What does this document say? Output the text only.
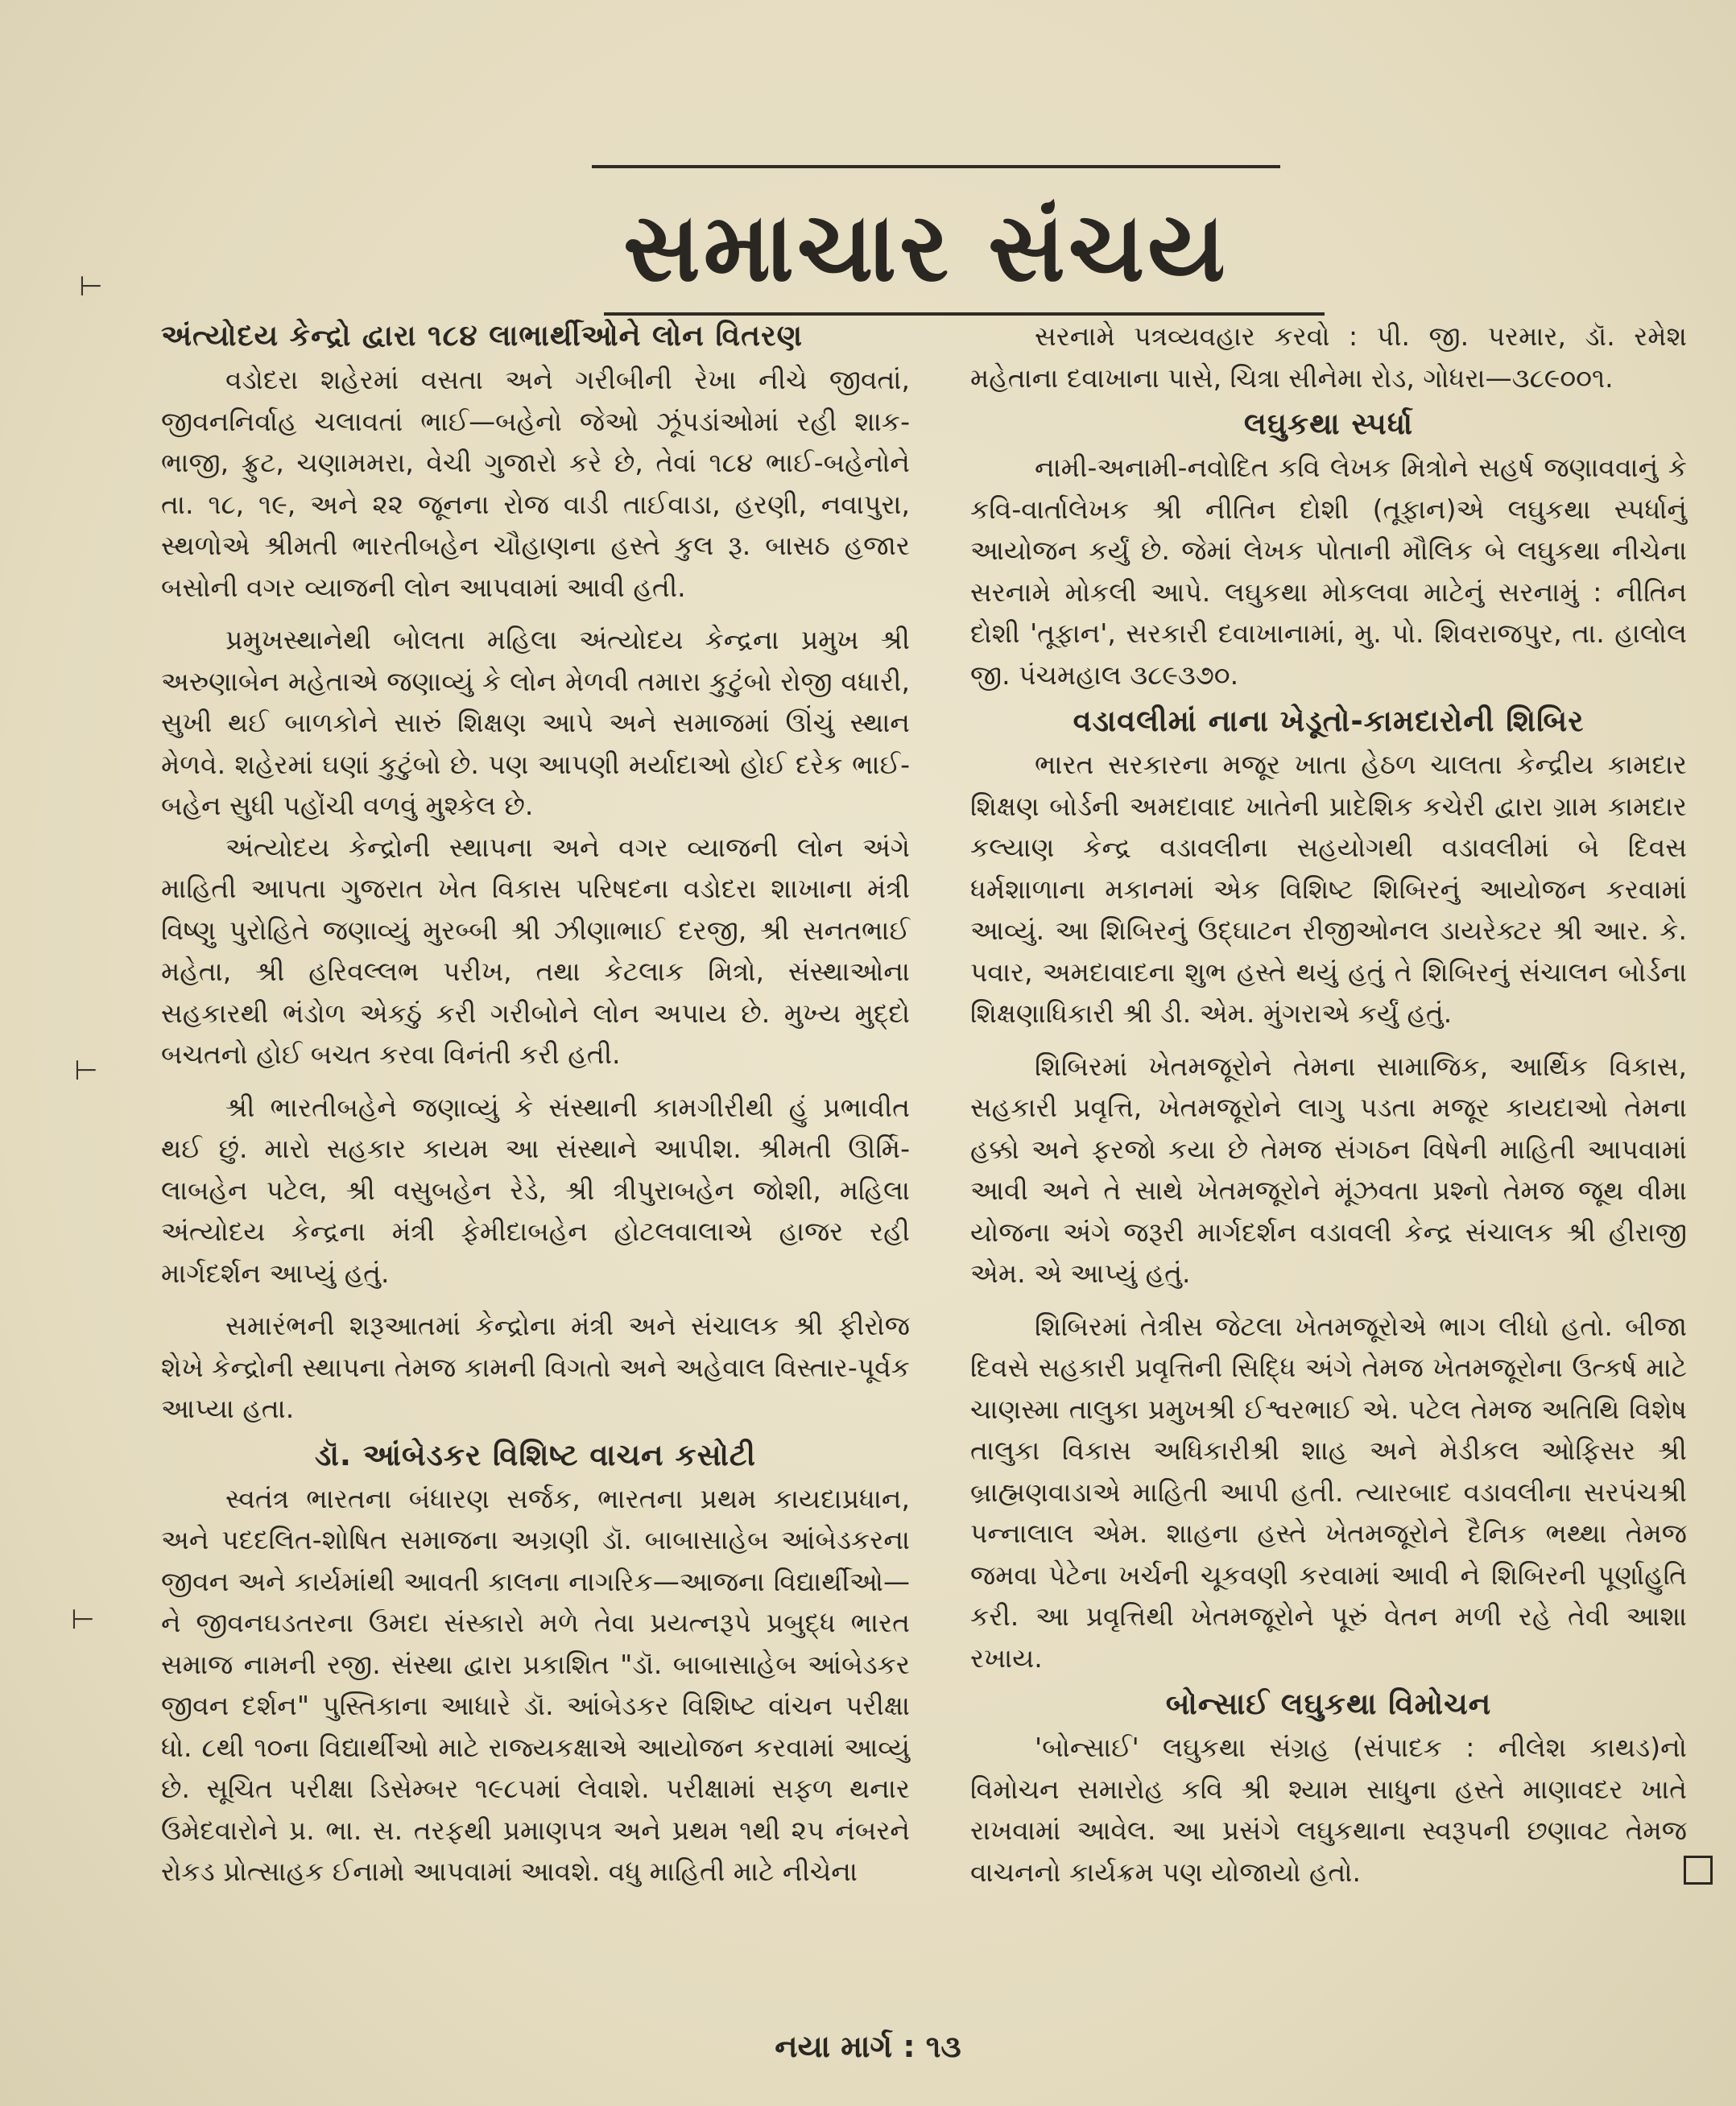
સમાચાર સંચય
⊢
⊢
⊢
અંત્યોદય કેન્દ્રો દ્વારા ૧૮૪ લાભાર્થીઓને લોન વિતરણ

વડોદરા શહેરમાં વસતા અને ગરીબીની રેખા નીચે જીવતાં, જીવનનિર્વાહ ચલાવતાં ભાઈ—બહેનો જેઓ ઝૂંપડાંઓમાં રહી શાક-ભાજી, ફ્રુટ, ચણામમરા, વેચી ગુજારો કરે છે, તેવાં ૧૮૪ ભાઈ-બહેનોને તા. ૧૮, ૧૯, અને ૨૨ જૂનના રોજ વાડી તાઈવાડા, હરણી, નવાપુરા, સ્થળોએ શ્રીમતી ભારતીબહેન ચૌહાણના હસ્તે કુલ રૂ. બાસઠ હજાર બસોની વગર વ્યાજની લોન આપવામાં આવી હતી.

પ્રમુખસ્થાનેથી બોલતા મહિલા અંત્યોદય કેન્દ્રના પ્રમુખ શ્રી અરુણાબેન મહેતાએ જણાવ્યું કે લોન મેળવી તમારા કુટુંબો રોજી વધારી, સુખી થઈ બાળકોને સારું શિક્ષણ આપે અને સમાજમાં ઊંચું સ્થાન મેળવે. શહેરમાં ઘણાં કુટુંબો છે. પણ આપણી મર્યાદાઓ હોઈ દરેક ભાઈ-બહેન સુધી પહોંચી વળવું મુશ્કેલ છે.

અંત્યોદય કેન્દ્રોની સ્થાપના અને વગર વ્યાજની લોન અંગે માહિતી આપતા ગુજરાત ખેત વિકાસ પરિષદના વડોદરા શાખાના મંત્રી વિષ્ણુ પુરોહિતે જણાવ્યું મુરબ્બી શ્રી ઝીણાભાઈ દરજી, શ્રી સનતભાઈ મહેતા, શ્રી હરિવલ્લભ પરીખ, તથા કેટલાક મિત્રો, સંસ્થાઓના સહકારથી ભંડોળ એકઠું કરી ગરીબોને લોન અપાય છે. મુખ્ય મુદ્દો બચતનો હોઈ બચત કરવા વિનંતી કરી હતી.

શ્રી ભારતીબહેને જણાવ્યું કે સંસ્થાની કામગીરીથી હું પ્રભાવીત થઈ છું. મારો સહકાર કાયમ આ સંસ્થાને આપીશ. શ્રીમતી ઊર્મિ-લાબહેન પટેલ, શ્રી વસુબહેન રેડે, શ્રી ત્રીપુરાબહેન જોશી, મહિલા અંત્યોદય કેન્દ્રના મંત્રી ફેમીદાબહેન હોટલવાલાએ હાજર રહી માર્ગદર્શન આપ્યું હતું.

સમારંભની શરૂઆતમાં કેન્દ્રોના મંત્રી અને સંચાલક શ્રી ફીરોજ શેખે કેન્દ્રોની સ્થાપના તેમજ કામની વિગતો અને અહેવાલ વિસ્તાર-પૂર્વક આપ્યા હતા.

ડૉ. આંબેડકર વિશિષ્ટ વાચન કસોટી

સ્વતંત્ર ભારતના બંધારણ સર્જક, ભારતના પ્રથમ કાયદાપ્રધાન, અને પદદલિત-શોષિત સમાજના અગ્રણી ડૉ. બાબાસાહેબ આંબેડકરના જીવન અને કાર્યમાંથી આવતી કાલના નાગરિક—આજના વિદ્યાર્થીઓ—ને જીવનઘડતરના ઉમદા સંસ્કારો મળે તેવા પ્રયત્નરૂપે પ્રબુદ્ધ ભારત સમાજ નામની રજી. સંસ્થા દ્વારા પ્રકાશિત "ડૉ. બાબાસાહેબ આંબેડકર જીવન દર્શન" પુસ્તિકાના આધારે ડૉ. આંબેડકર વિશિષ્ટ વાંચન પરીક્ષા ધો. ૮થી ૧૦ના વિદ્યાર્થીઓ માટે રાજ્યકક્ષાએ આયોજન કરવામાં આવ્યું છે. સૂચિત પરીક્ષા ડિસેમ્બર ૧૯૮૫માં લેવાશે. પરીક્ષામાં સફળ થનાર ઉમેદવારોને પ્ર. ભા. સ. તરફથી પ્રમાણપત્ર અને પ્રથમ ૧થી ૨૫ નંબરને રોકડ પ્રોત્સાહક ઈનામો આપવામાં આવશે. વધુ માહિતી માટે નીચેના

સરનામે પત્રવ્યવહાર કરવો : પી. જી. પરમાર, ડૉ. રમેશ મહેતાના દવાખાના પાસે, ચિત્રા સીનેમા રોડ, ગોધરા—૩૮૯૦૦૧.

લઘુકથા સ્પર્ધા

નામી-અનામી-નવોદિત કવિ લેખક મિત્રોને સહર્ષ જણાવવાનું કે કવિ-વાર્તાલેખક શ્રી નીતિન દોશી (તૂફાન)એ લઘુકથા સ્પર્ધાનું આયોજન કર્યું છે. જેમાં લેખક પોતાની મૌલિક બે લઘુકથા નીચેના સરનામે મોકલી આપે. લઘુકથા મોકલવા માટેનું સરનામું : નીતિન દોશી 'તૂફાન', સરકારી દવાખાનામાં, મુ. પો. શિવરાજપુર, તા. હાલોલ જી. પંચમહાલ ૩૮૯૩૭૦.

વડાવલીમાં નાના ખેડૂતો-કામદારોની શિબિર

ભારત સરકારના મજૂર ખાતા હેઠળ ચાલતા કેન્દ્રીય કામદાર શિક્ષણ બોર્ડની અમદાવાદ ખાતેની પ્રાદેશિક કચેરી દ્વારા ગ્રામ કામદાર કલ્યાણ કેન્દ્ર વડાવલીના સહયોગથી વડાવલીમાં બે દિવસ ધર્મશાળાના મકાનમાં એક વિશિષ્ટ શિબિરનું આયોજન કરવામાં આવ્યું. આ શિબિરનું ઉદ્ઘાટન રીજીઓનલ ડાયરેક્ટર શ્રી આર. કે. પવાર, અમદાવાદના શુભ હસ્તે થયું હતું તે શિબિરનું સંચાલન બોર્ડના શિક્ષણાધિકારી શ્રી ડી. એમ. મુંગરાએ કર્યું હતું.

શિબિરમાં ખેતમજૂરોને તેમના સામાજિક, આર્થિક વિકાસ, સહકારી પ્રવૃત્તિ, ખેતમજૂરોને લાગુ પડતા મજૂર કાયદાઓ તેમના હક્કો અને ફરજો કયા છે તેમજ સંગઠન વિષેની માહિતી આપવામાં આવી અને તે સાથે ખેતમજૂરોને મૂંઝવતા પ્રશ્નો તેમજ જૂથ વીમા યોજના અંગે જરૂરી માર્ગદર્શન વડાવલી કેન્દ્ર સંચાલક શ્રી હીરાજી એમ. એ આપ્યું હતું.

શિબિરમાં તેત્રીસ જેટલા ખેતમજૂરોએ ભાગ લીધો હતો. બીજા દિવસે સહકારી પ્રવૃત્તિની સિદ્ધિ અંગે તેમજ ખેતમજૂરોના ઉત્કર્ષ માટે ચાણસ્મા તાલુકા પ્રમુખશ્રી ઈશ્વરભાઈ એ. પટેલ તેમજ અતિથિ વિશેષ તાલુકા વિકાસ અધિકારીશ્રી શાહ અને મેડીકલ ઓફિસર શ્રી બ્રાહ્મણવાડાએ માહિતી આપી હતી. ત્યારબાદ વડાવલીના સરપંચશ્રી પન્નાલાલ એમ. શાહના હસ્તે ખેતમજૂરોને દૈનિક ભથ્થા તેમજ જમવા પેટેના ખર્ચની ચૂકવણી કરવામાં આવી ને શિબિરની પૂર્ણાહુતિ કરી. આ પ્રવૃત્તિથી ખેતમજૂરોને પૂરું વેતન મળી રહે તેવી આશા રખાય.

બોન્સાઈ લઘુકથા વિમોચન

'બોન્સાઈ' લઘુકથા સંગ્રહ (સંપાદક : નીલેશ કાથડ)નો વિમોચન સમારોહ કવિ શ્રી શ્યામ સાધુના હસ્તે માણાવદર ખાતે રાખવામાં આવેલ. આ પ્રસંગે લઘુકથાના સ્વરૂપની છણાવટ તેમજ વાચનનો કાર્યક્રમ પણ યોજાયો હતો.

નયા માર્ગ : ૧૩
